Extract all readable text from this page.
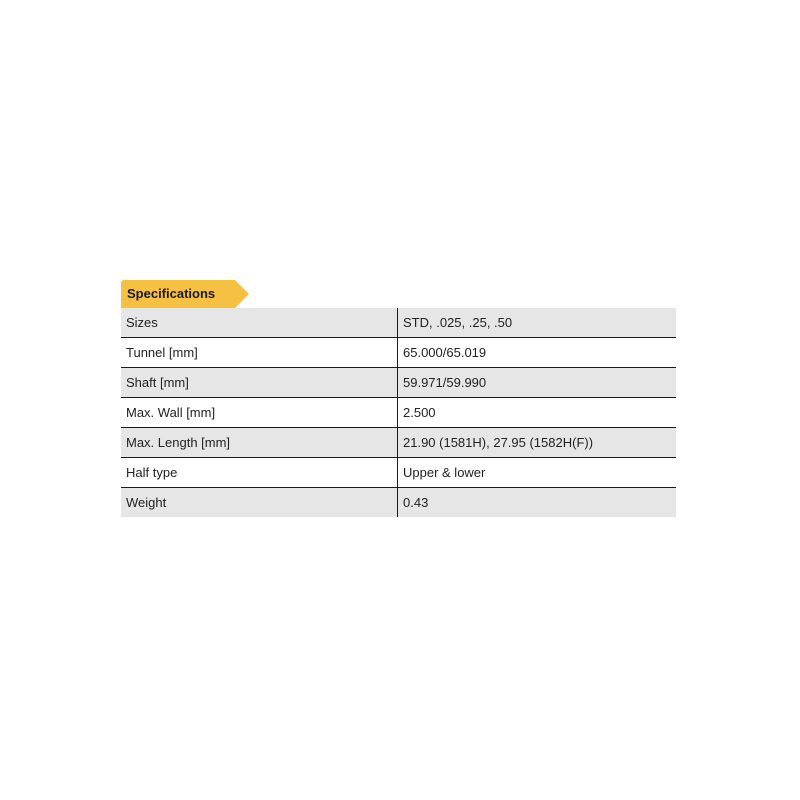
Specifications
Sizes	STD, .025, .25, .50
Tunnel [mm]	65.000/65.019
Shaft [mm]	59.971/59.990
Max. Wall [mm]	2.500
Max. Length [mm]	21.90 (1581H), 27.95 (1582H(F))
Half type	Upper & lower
Weight	0.43
